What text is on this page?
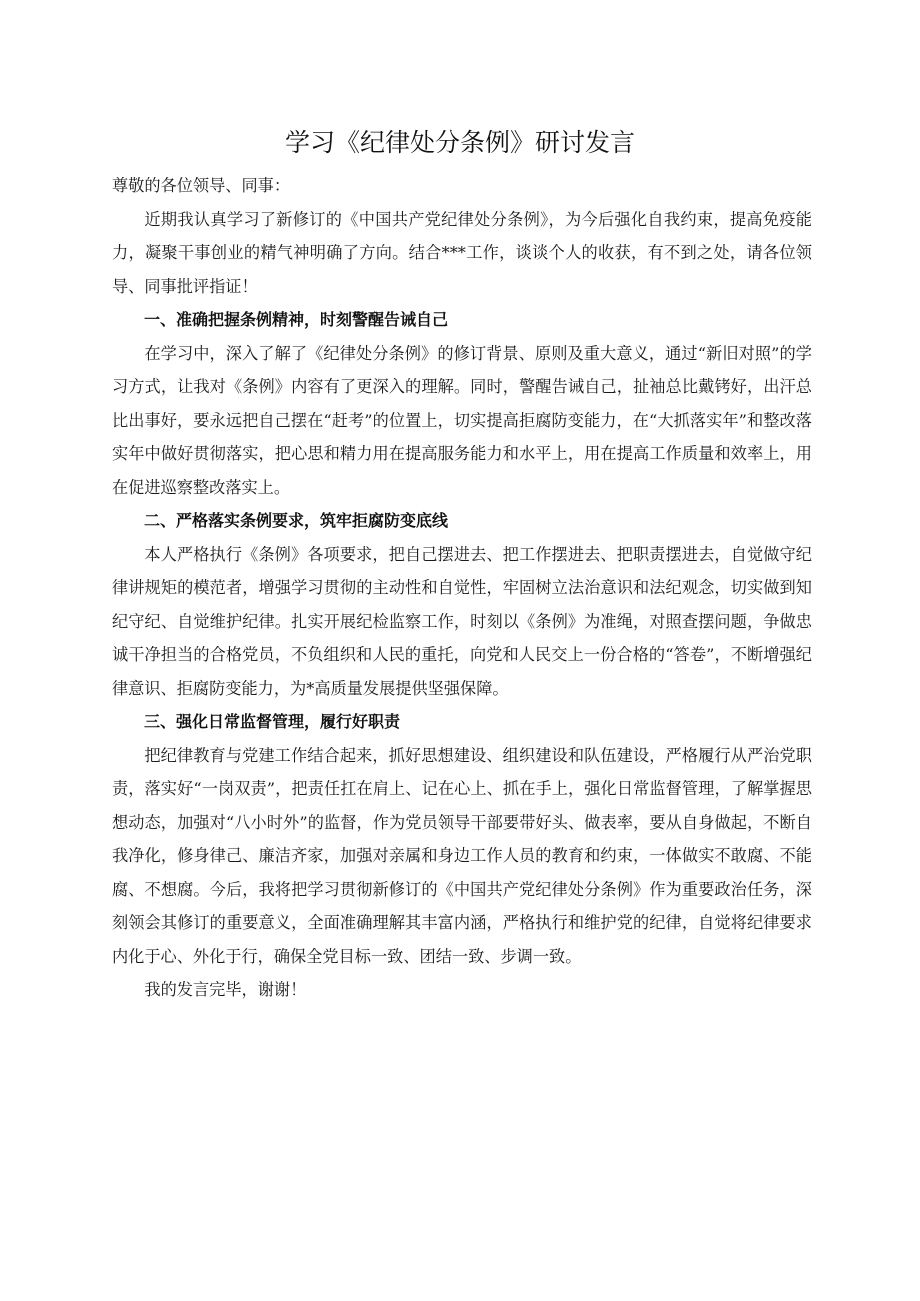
学习《纪律处分条例》研讨发言

尊敬的各位领导、同事：

近期我认真学习了新修订的《中国共产党纪律处分条例》，为今后强化自我约束，提高免疫能力，凝聚干事创业的精气神明确了方向。结合***工作，谈谈个人的收获，有不到之处，请各位领导、同事批评指证！

一、准确把握条例精神，时刻警醒告诫自己

在学习中，深入了解了《纪律处分条例》的修订背景、原则及重大意义，通过“新旧对照”的学习方式，让我对《条例》内容有了更深入的理解。同时，警醒告诫自己，扯袖总比戴铐好，出汗总比出事好，要永远把自己摆在“赶考”的位置上，切实提高拒腐防变能力，在“大抓落实年”和整改落实年中做好贯彻落实，把心思和精力用在提高服务能力和水平上，用在提高工作质量和效率上，用在促进巡察整改落实上。

二、严格落实条例要求，筑牢拒腐防变底线

本人严格执行《条例》各项要求，把自己摆进去、把工作摆进去、把职责摆进去，自觉做守纪律讲规矩的模范者，增强学习贯彻的主动性和自觉性，牢固树立法治意识和法纪观念，切实做到知纪守纪、自觉维护纪律。扎实开展纪检监察工作，时刻以《条例》为准绳，对照查摆问题，争做忠诚干净担当的合格党员，不负组织和人民的重托，向党和人民交上一份合格的“答卷”，不断增强纪律意识、拒腐防变能力，为*高质量发展提供坚强保障。

三、强化日常监督管理，履行好职责

把纪律教育与党建工作结合起来，抓好思想建设、组织建设和队伍建设，严格履行从严治党职责，落实好“一岗双责”，把责任扛在肩上、记在心上、抓在手上，强化日常监督管理，了解掌握思想动态，加强对“八小时外”的监督，作为党员领导干部要带好头、做表率，要从自身做起，不断自我净化，修身律己、廉洁齐家，加强对亲属和身边工作人员的教育和约束，一体做实不敢腐、不能腐、不想腐。今后，我将把学习贯彻新修订的《中国共产党纪律处分条例》作为重要政治任务，深刻领会其修订的重要意义，全面准确理解其丰富内涵，严格执行和维护党的纪律，自觉将纪律要求内化于心、外化于行，确保全党目标一致、团结一致、步调一致。

我的发言完毕，谢谢！
